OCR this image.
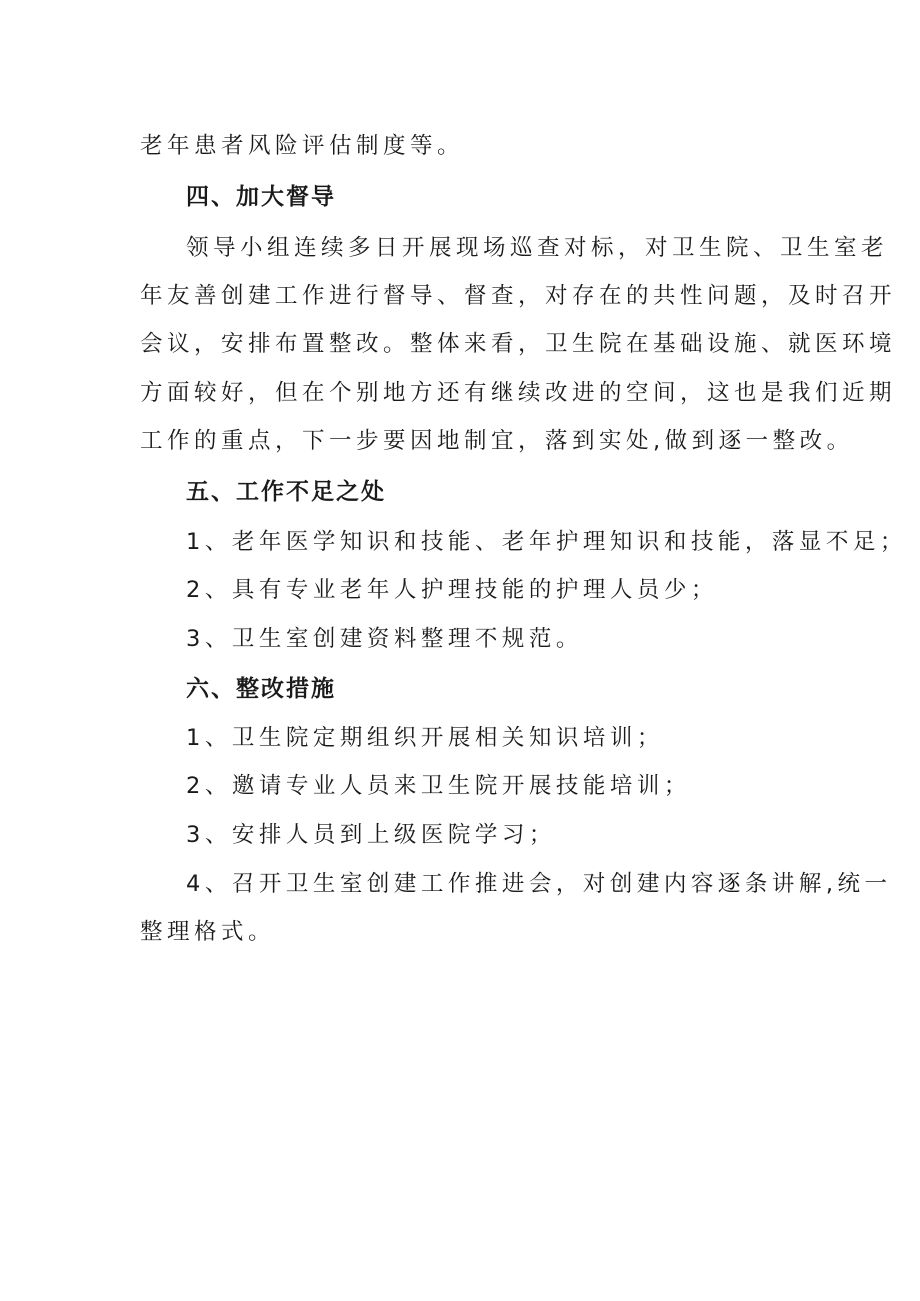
老年患者风险评估制度等。
四、加大督导
领导小组连续多日开展现场巡查对标，对卫生院、卫生室老
年友善创建工作进行督导、督查，对存在的共性问题，及时召开
会议，安排布置整改。整体来看，卫生院在基础设施、就医环境
方面较好，但在个别地方还有继续改进的空间，这也是我们近期
工作的重点，下一步要因地制宜，落到实处,做到逐一整改。
五、工作不足之处
1、老年医学知识和技能、老年护理知识和技能，落显不足；
2、具有专业老年人护理技能的护理人员少；
3、卫生室创建资料整理不规范。
六、整改措施
1、卫生院定期组织开展相关知识培训；
2、邀请专业人员来卫生院开展技能培训；
3、安排人员到上级医院学习；
4、召开卫生室创建工作推进会，对创建内容逐条讲解,统一
整理格式。
